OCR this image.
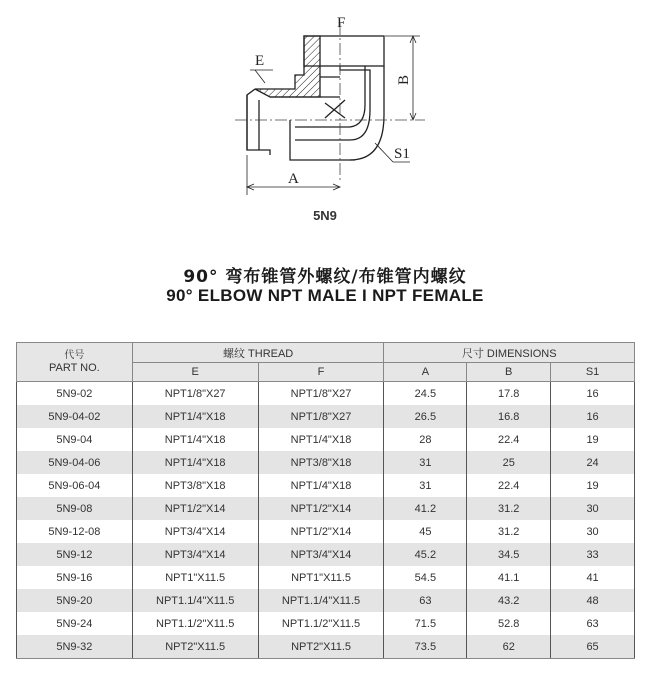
F
E
A
S1
B
5N9
90° 弯布锥管外螺纹/布锥管内螺纹
90° ELBOW NPT MALE I NPT FEMALE
代号
PART NO.	螺纹 THREAD		尺寸 DIMENSIONS		
	E	F	A	B	S1
5N9-02	NPT1/8"X27	NPT1/8"X27	24.5	17.8	16
5N9-04-02	NPT1/4"X18	NPT1/8"X27	26.5	16.8	16
5N9-04	NPT1/4"X18	NPT1/4"X18	28	22.4	19
5N9-04-06	NPT1/4"X18	NPT3/8"X18	31	25	24
5N9-06-04	NPT3/8"X18	NPT1/4"X18	31	22.4	19
5N9-08	NPT1/2"X14	NPT1/2"X14	41.2	31.2	30
5N9-12-08	NPT3/4"X14	NPT1/2"X14	45	31.2	30
5N9-12	NPT3/4"X14	NPT3/4"X14	45.2	34.5	33
5N9-16	NPT1"X11.5	NPT1"X11.5	54.5	41.1	41
5N9-20	NPT1.1/4"X11.5	NPT1.1/4"X11.5	63	43.2	48
5N9-24	NPT1.1/2"X11.5	NPT1.1/2"X11.5	71.5	52.8	63
5N9-32	NPT2"X11.5	NPT2"X11.5	73.5	62	65
